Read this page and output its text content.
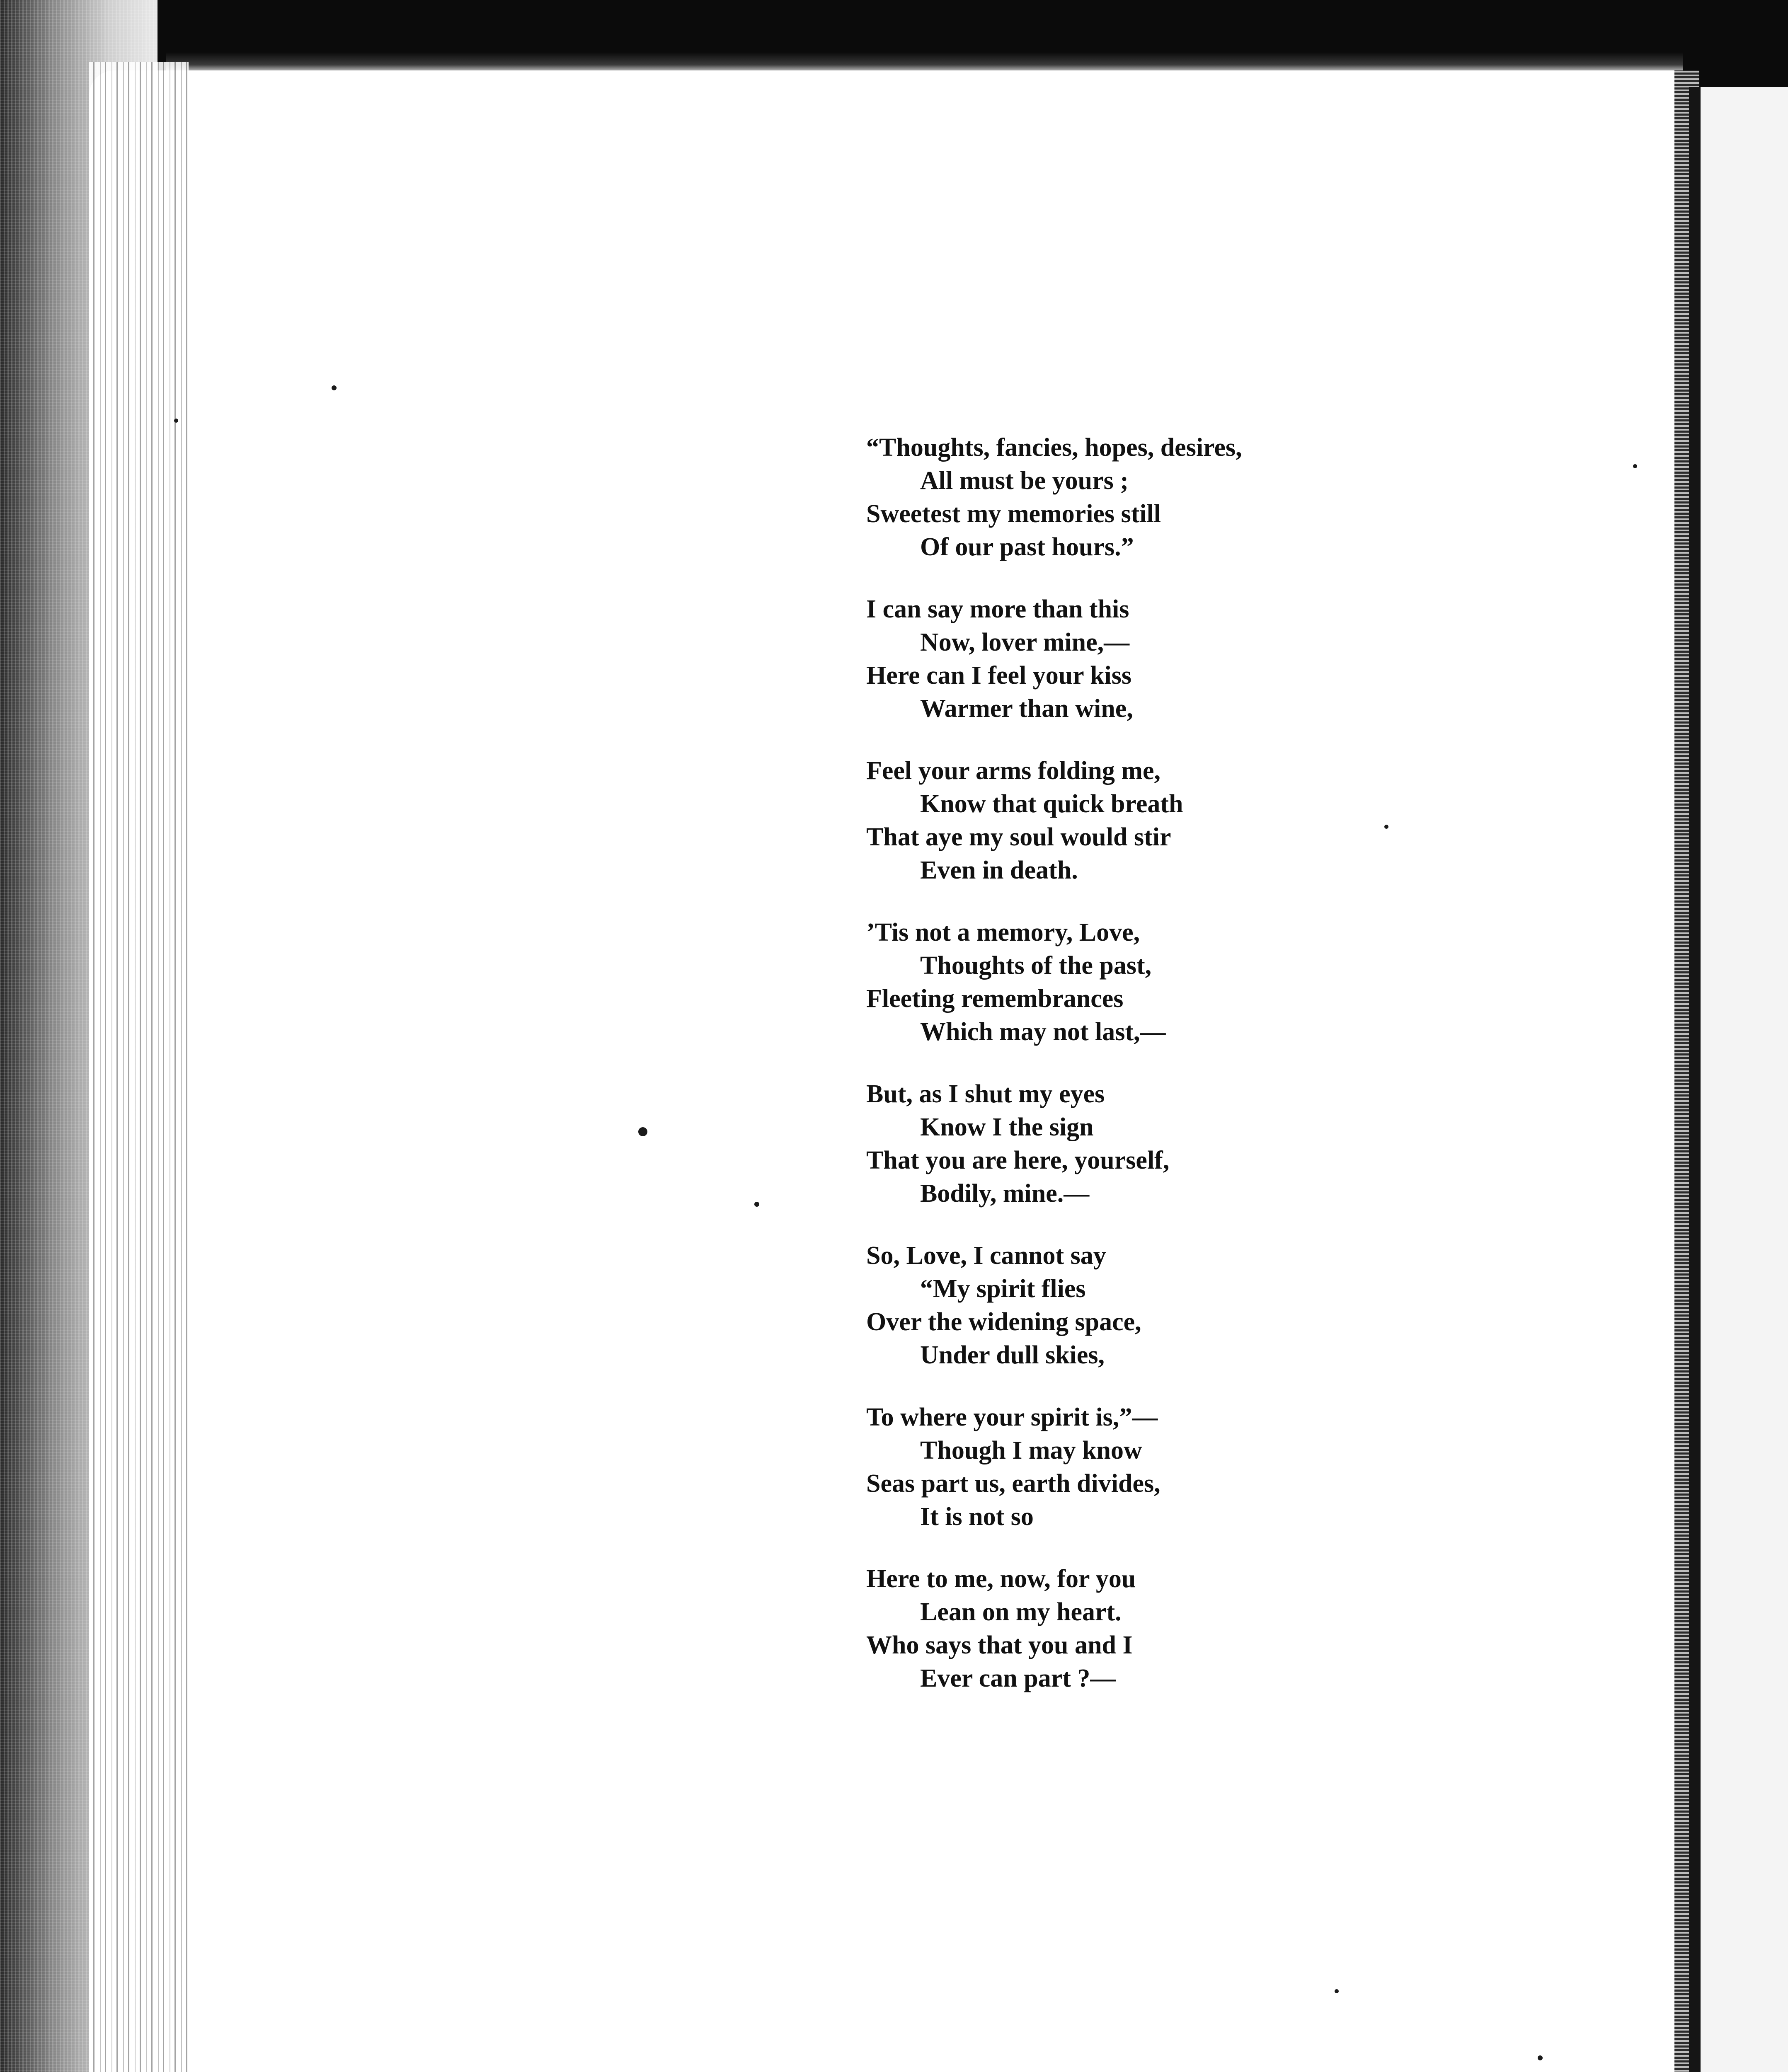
“Thoughts, fancies, hopes, desires,
All must be yours ;
Sweetest my memories still
Of our past hours.”
I can say more than this
Now, lover mine,—
Here can I feel your kiss
Warmer than wine,
Feel your arms folding me,
Know that quick breath
That aye my soul would stir
Even in death.
’Tis not a memory, Love,
Thoughts of the past,
Fleeting remembrances
Which may not last,—
But, as I shut my eyes
Know I the sign
That you are here, yourself,
Bodily, mine.—
So, Love, I cannot say
“My spirit flies
Over the widening space,
Under dull skies,
To where your spirit is,”—
Though I may know
Seas part us, earth divides,
It is not so
Here to me, now, for you
Lean on my heart.
Who says that you and I
Ever can part ?—
